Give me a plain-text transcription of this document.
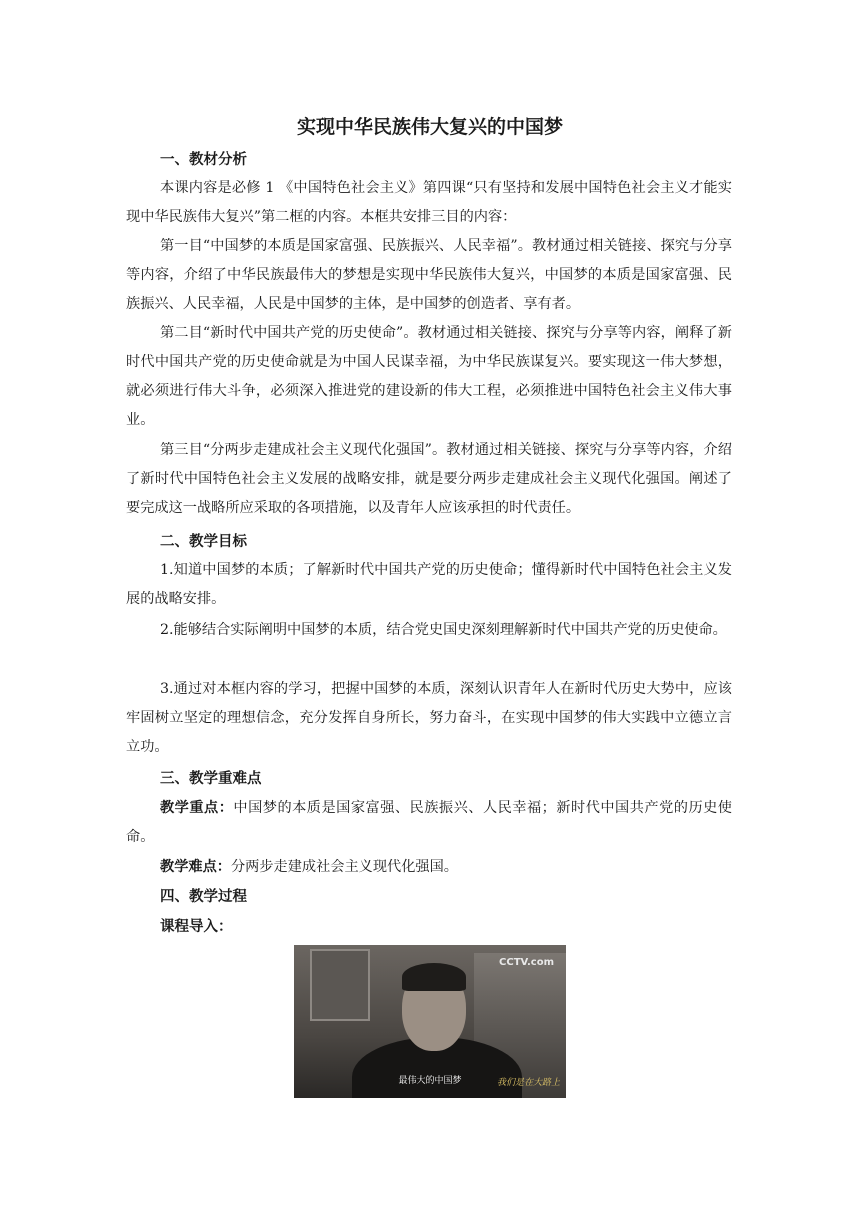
实现中华民族伟大复兴的中国梦
一、教材分析

本课内容是必修 1 《中国特色社会主义》第四课“只有坚持和发展中国特色社会主义才能实现中华民族伟大复兴”第二框的内容。本框共安排三目的内容：

第一目“中国梦的本质是国家富强、民族振兴、人民幸福”。教材通过相关链接、探究与分享等内容，介绍了中华民族最伟大的梦想是实现中华民族伟大复兴，中国梦的本质是国家富强、民族振兴、人民幸福，人民是中国梦的主体，是中国梦的创造者、享有者。

第二目“新时代中国共产党的历史使命”。教材通过相关链接、探究与分享等内容，阐释了新时代中国共产党的历史使命就是为中国人民谋幸福，为中华民族谋复兴。要实现这一伟大梦想，就必须进行伟大斗争，必须深入推进党的建设新的伟大工程，必须推进中国特色社会主义伟大事业。

第三目“分两步走建成社会主义现代化强国”。教材通过相关链接、探究与分享等内容，介绍了新时代中国特色社会主义发展的战略安排，就是要分两步走建成社会主义现代化强国。阐述了要完成这一战略所应采取的各项措施，以及青年人应该承担的时代责任。

二、教学目标

1.知道中国梦的本质；了解新时代中国共产党的历史使命；懂得新时代中国特色社会主义发展的战略安排。

2.能够结合实际阐明中国梦的本质，结合党史国史深刻理解新时代中国共产党的历史使命。

3.通过对本框内容的学习，把握中国梦的本质，深刻认识青年人在新时代历史大势中，应该牢固树立坚定的理想信念，充分发挥自身所长，努力奋斗，在实现中国梦的伟大实践中立德立言立功。

三、教学重难点

教学重点：中国梦的本质是国家富强、民族振兴、人民幸福；新时代中国共产党的历史使命。

教学难点：分两步走建成社会主义现代化强国。

四、教学过程
课程导入：
CCTV.com
最伟大的中国梦	我们是在大路上
